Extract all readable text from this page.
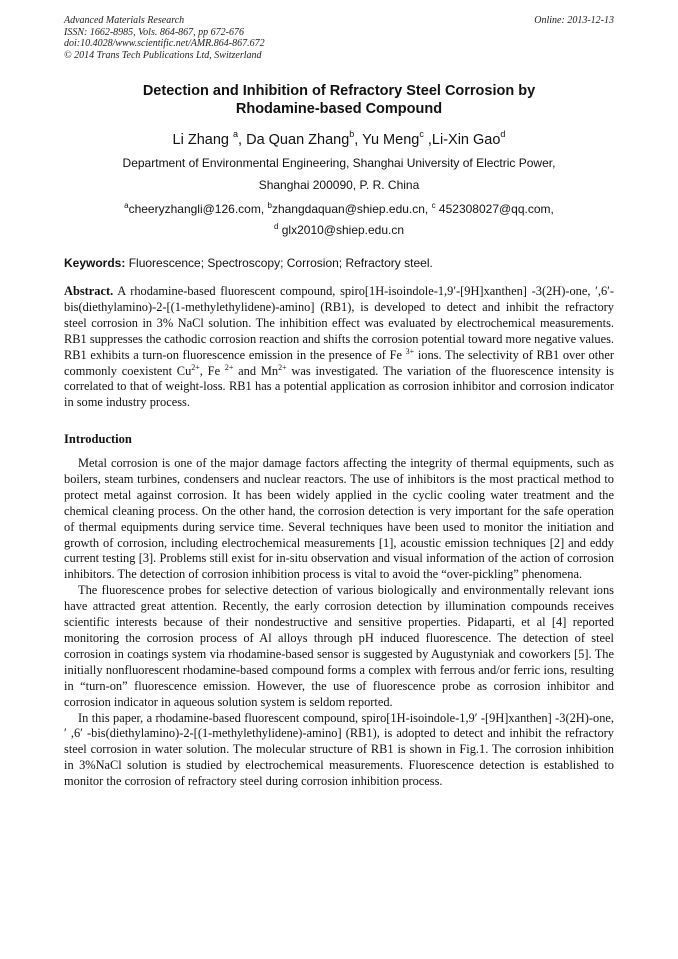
Advanced Materials Research
ISSN: 1662-8985, Vols. 864-867, pp 672-676
doi:10.4028/www.scientific.net/AMR.864-867.672
© 2014 Trans Tech Publications Ltd, Switzerland
Online: 2013-12-13
Detection and Inhibition of Refractory Steel Corrosion by
Rhodamine-based Compound
Li Zhang $^a$, Da Quan Zhang$^b$, Yu Meng$^c$ ,Li-Xin Gao$^d$
Department of Environmental Engineering, Shanghai University of Electric Power,
Shanghai 200090, P. R. China
$^a$cheeryzhangli@126.com, $^b$zhangdaquan@shiep.edu.cn, $^c$ 452308027@qq.com,
$^d$ glx2010@shiep.edu.cn
Keywords: Fluorescence; Spectroscopy; Corrosion; Refractory steel.
Abstract. A rhodamine-based fluorescent compound, spiro[1H-isoindole-1,9′-[9H]xanthen] -3(2H)-one, ′,6′-bis(diethylamino)-2-[(1-methylethylidene)-amino] (RB1), is developed to detect and inhibit the refractory steel corrosion in 3% NaCl solution. The inhibition effect was evaluated by electrochemical measurements. RB1 suppresses the cathodic corrosion reaction and shifts the corrosion potential toward more negative values. RB1 exhibits a turn-on fluorescence emission in the presence of Fe $^{3+}$ ions. The selectivity of RB1 over other commonly coexistent $Cu^{2+}$, Fe $^{2+}$ and $Mn^{2+}$ was investigated. The variation of the fluorescence intensity is correlated to that of weight-loss. RB1 has a potential application as corrosion inhibitor and corrosion indicator in some industry process.
Introduction

Metal corrosion is one of the major damage factors affecting the integrity of thermal equipments, such as boilers, steam turbines, condensers and nuclear reactors. The use of inhibitors is the most practical method to protect metal against corrosion. It has been widely applied in the cyclic cooling water treatment and the chemical cleaning process. On the other hand, the corrosion detection is very important for the safe operation of thermal equipments during service time. Several techniques have been used to monitor the initiation and growth of corrosion, including electrochemical measurements [1], acoustic emission techniques [2] and eddy current testing [3]. Problems still exist for in-situ observation and visual information of the action of corrosion inhibitors. The detection of corrosion inhibition process is vital to avoid the “over-pickling” phenomena.

The fluorescence probes for selective detection of various biologically and environmentally relevant ions have attracted great attention. Recently, the early corrosion detection by illumination compounds receives scientific interests because of their nondestructive and sensitive properties. Pidaparti, et al [4] reported monitoring the corrosion process of Al alloys through pH induced fluorescence. The detection of steel corrosion in coatings system via rhodamine-based sensor is suggested by Augustyniak and coworkers [5]. The initially nonfluorescent rhodamine-based compound forms a complex with ferrous and/or ferric ions, resulting in “turn-on” fluorescence emission. However, the use of fluorescence probe as corrosion inhibitor and corrosion indicator in aqueous solution system is seldom reported.

In this paper, a rhodamine-based fluorescent compound, spiro[1H-isoindole-1,9′ -[9H]xanthen] -3(2H)-one, ′ ,6′ -bis(diethylamino)-2-[(1-methylethylidene)-amino] (RB1), is adopted to detect and inhibit the refractory steel corrosion in water solution. The molecular structure of RB1 is shown in Fig.1. The corrosion inhibition in 3%NaCl solution is studied by electrochemical measurements. Fluorescence detection is established to monitor the corrosion of refractory steel during corrosion inhibition process.
